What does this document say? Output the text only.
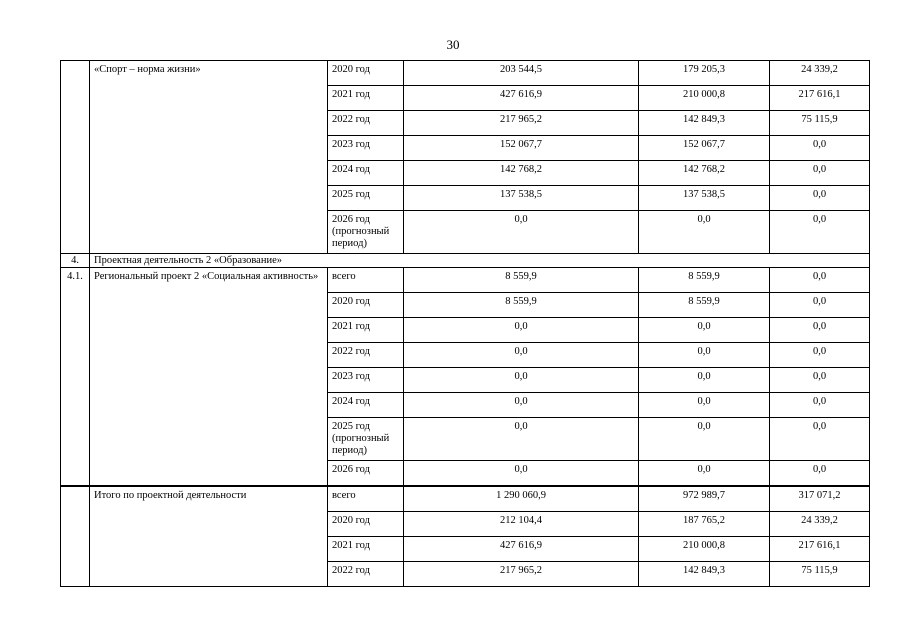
30
	«Спорт – норма жизни»	2020 год	203 544,5	179 205,3	24 339,2
		2021 год	427 616,9	210 000,8	217 616,1
		2022 год	217 965,2	142 849,3	75 115,9
		2023 год	152 067,7	152 067,7	0,0
		2024 год	142 768,2	142 768,2	0,0
		2025 год	137 538,5	137 538,5	0,0
		2026 год (прогнозный период)	0,0	0,0	0,0
4.	Проектная деятельность 2 «Образование»				
4.1.	Региональный проект 2 «Социальная активность»	всего	8 559,9	8 559,9	0,0
		2020 год	8 559,9	8 559,9	0,0
		2021 год	0,0	0,0	0,0
		2022 год	0,0	0,0	0,0
		2023 год	0,0	0,0	0,0
		2024 год	0,0	0,0	0,0
		2025 год (прогнозный период)	0,0	0,0	0,0
		2026 год	0,0	0,0	0,0
	Итого по проектной деятельности	всего	1 290 060,9	972 989,7	317 071,2
		2020 год	212 104,4	187 765,2	24 339,2
		2021 год	427 616,9	210 000,8	217 616,1
		2022 год	217 965,2	142 849,3	75 115,9
